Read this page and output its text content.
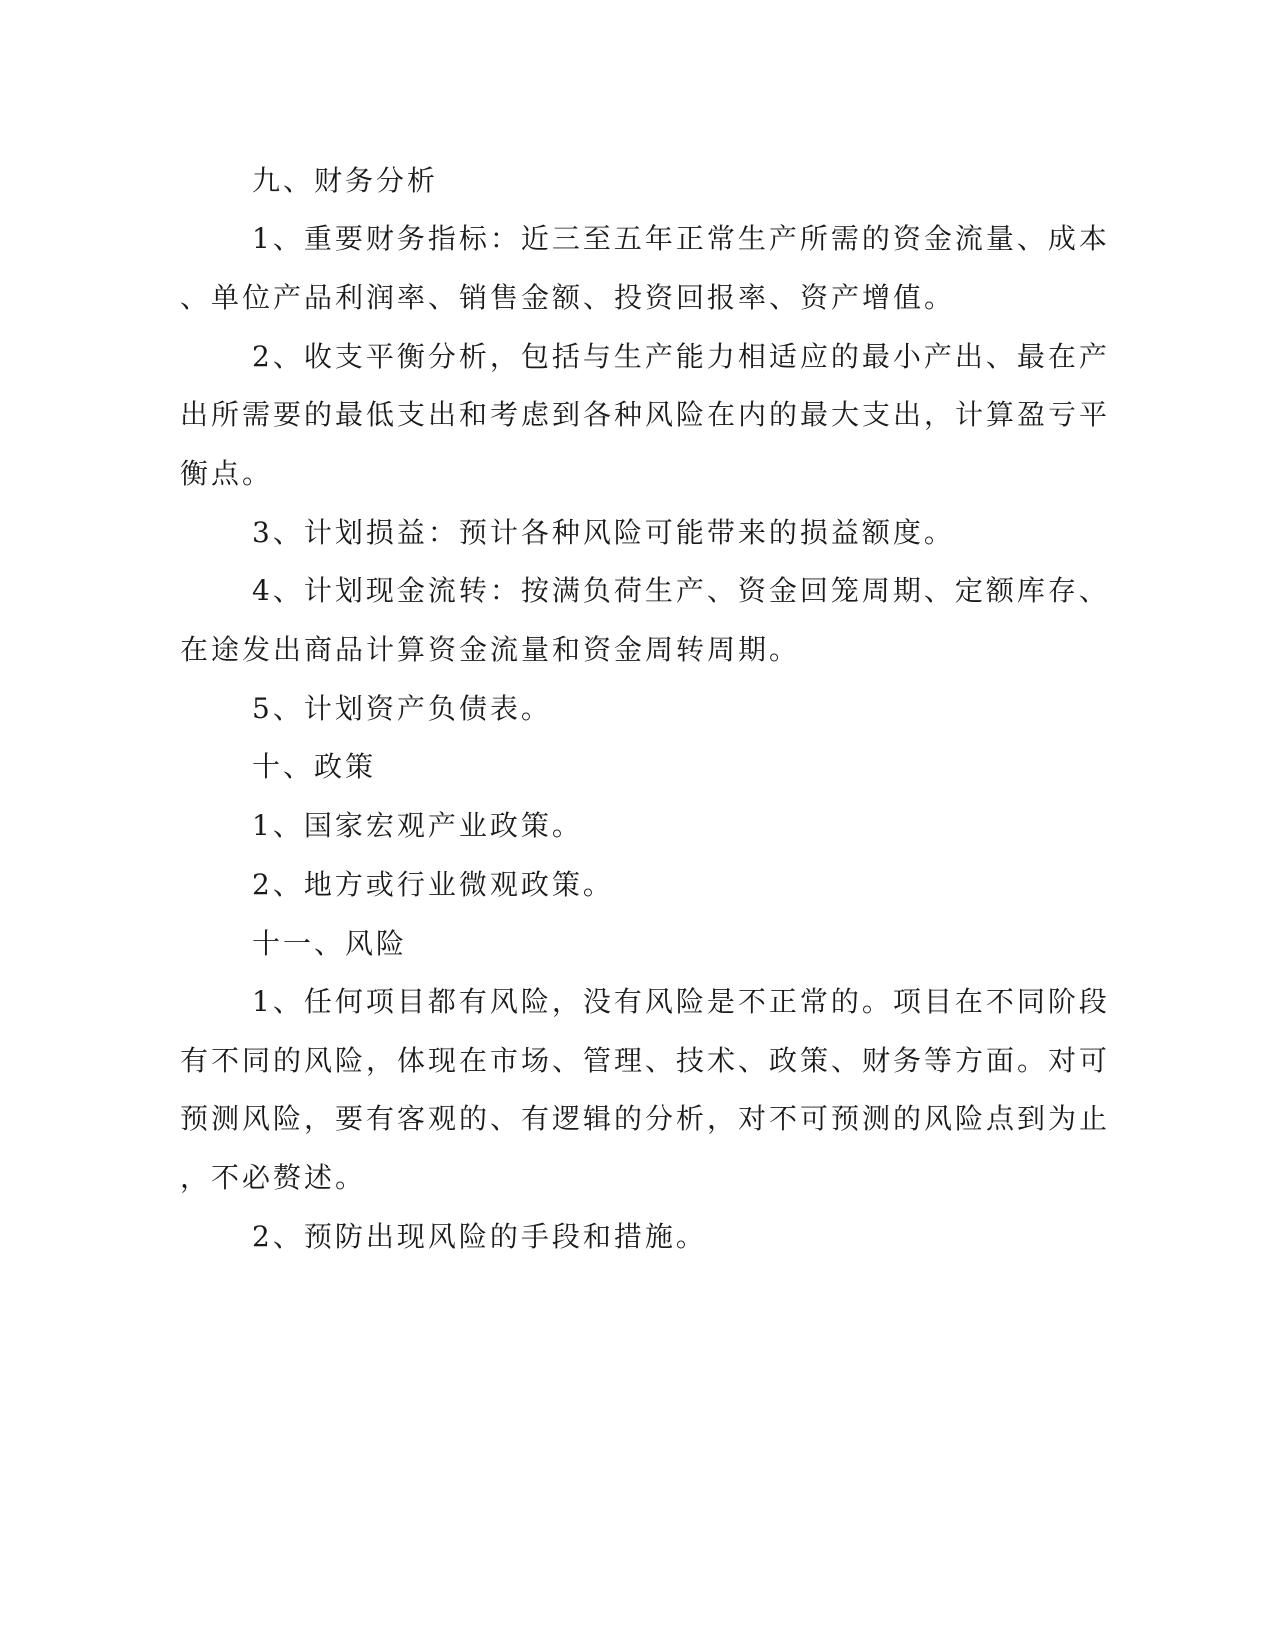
九、财务分析
1、重要财务指标：近三至五年正常生产所需的资金流量、成本
、单位产品利润率、销售金额、投资回报率、资产增值。
2、收支平衡分析，包括与生产能力相适应的最小产出、最在产
出所需要的最低支出和考虑到各种风险在内的最大支出，计算盈亏平
衡点。
3、计划损益：预计各种风险可能带来的损益额度。
4、计划现金流转：按满负荷生产、资金回笼周期、定额库存、
在途发出商品计算资金流量和资金周转周期。
5、计划资产负债表。
十、政策
1、国家宏观产业政策。
2、地方或行业微观政策。
十一、风险
1、任何项目都有风险，没有风险是不正常的。项目在不同阶段
有不同的风险，体现在市场、管理、技术、政策、财务等方面。对可
预测风险，要有客观的、有逻辑的分析，对不可预测的风险点到为止
，不必赘述。
2、预防出现风险的手段和措施。
